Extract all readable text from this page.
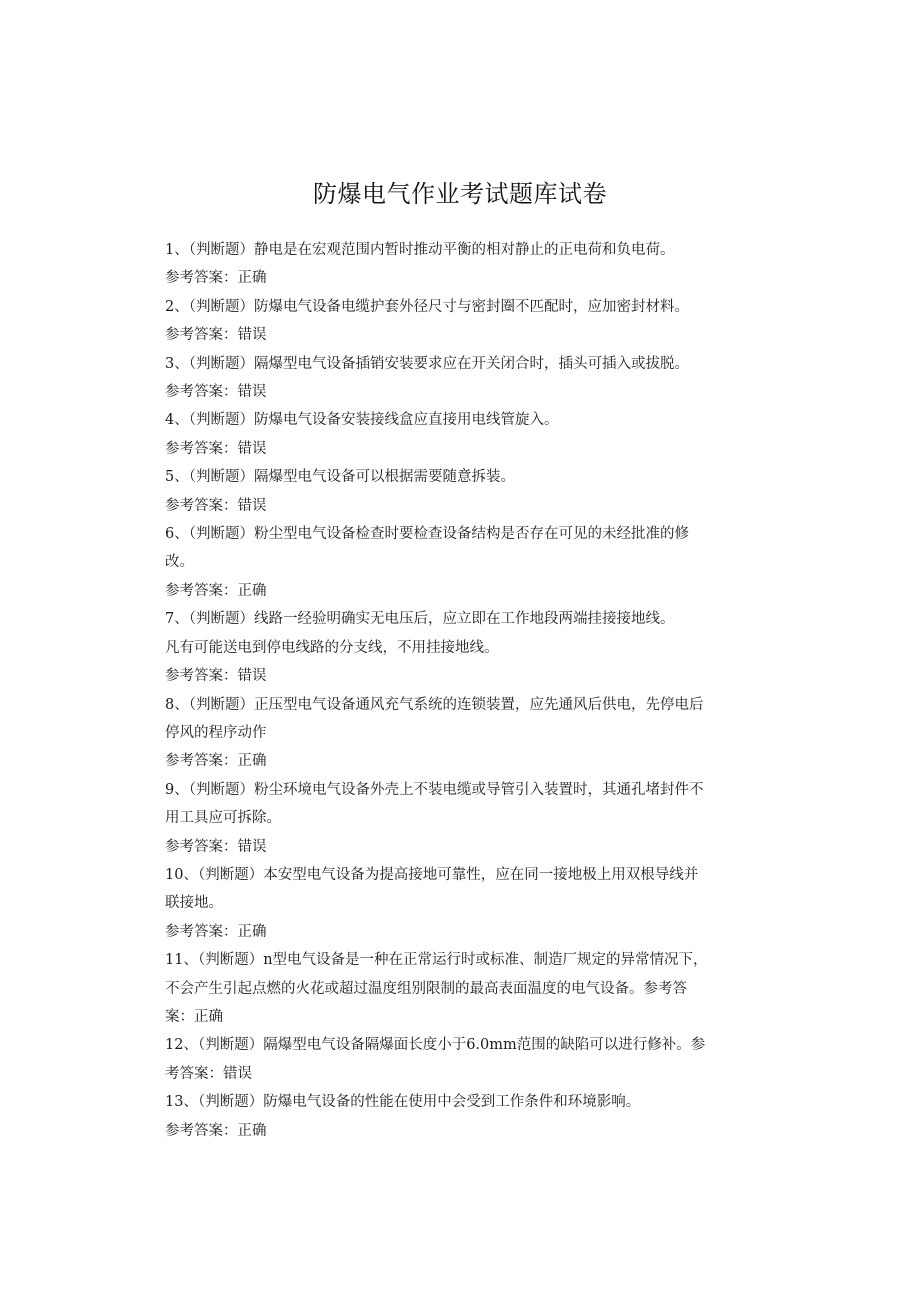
防爆电气作业考试题库试卷
1、（判断题）静电是在宏观范围内暂时推动平衡的相对静止的正电荷和负电荷。
参考答案：正确
2、（判断题）防爆电气设备电缆护套外径尺寸与密封圈不匹配时，应加密封材料。
参考答案：错误
3、（判断题）隔爆型电气设备插销安装要求应在开关闭合时，插头可插入或拔脱。
参考答案：错误
4、（判断题）防爆电气设备安装接线盒应直接用电线管旋入。
参考答案：错误
5、（判断题）隔爆型电气设备可以根据需要随意拆装。
参考答案：错误
6、（判断题）粉尘型电气设备检查时要检查设备结构是否存在可见的未经批准的修
改。
参考答案：正确
7、（判断题）线路一经验明确实无电压后，应立即在工作地段两端挂接接地线。
凡有可能送电到停电线路的分支线，不用挂接地线。
参考答案：错误
8、（判断题）正压型电气设备通风充气系统的连锁装置，应先通风后供电，先停电后
停风的程序动作
参考答案：正确
9、（判断题）粉尘环境电气设备外壳上不装电缆或导管引入装置时，其通孔堵封件不
用工具应可拆除。
参考答案：错误
10、（判断题）本安型电气设备为提高接地可靠性，应在同一接地极上用双根导线并
联接地。
参考答案：正确
11、（判断题）n型电气设备是一种在正常运行时或标准、制造厂规定的异常情况下，
不会产生引起点燃的火花或超过温度组别限制的最高表面温度的电气设备。参考答
案：正确
12、（判断题）隔爆型电气设备隔爆面长度小于6.0mm范围的缺陷可以进行修补。参
考答案：错误
13、（判断题）防爆电气设备的性能在使用中会受到工作条件和环境影响。
参考答案：正确
